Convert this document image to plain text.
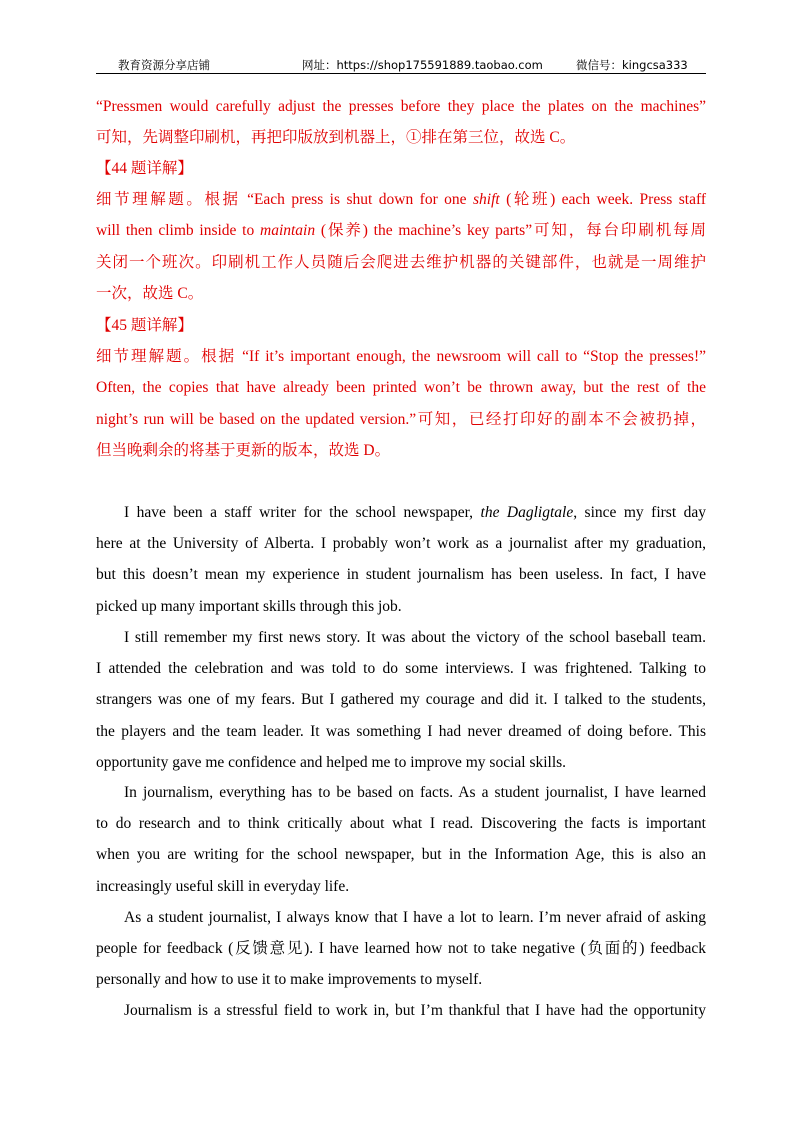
教育资源分享店铺	网址：https://shop175591889.taobao.com	微信号：kingcsa333
“Pressmen would carefully adjust the presses before they place the plates on the machines”
可知，先调整印刷机，再把印版放到机器上，①排在第三位，故选 C。
【44 题详解】
细节理解题。根据 “Each press is shut down for one shift (轮班) each week. Press staff
will then climb inside to maintain (保养) the machine’s key parts”可知，每台印刷机每周
关闭一个班次。印刷机工作人员随后会爬进去维护机器的关键部件，也就是一周维护
一次，故选 C。
【45 题详解】
细节理解题。根据 “If it’s important enough, the newsroom will call to “Stop the presses!”
Often, the copies that have already been printed won’t be thrown away, but the rest of the
night’s run will be based on the updated version.”可知，已经打印好的副本不会被扔掉，
但当晚剩余的将基于更新的版本，故选 D。
I have been a staff writer for the school newspaper, the Dagligtale, since my first day
here at the University of Alberta. I probably won’t work as a journalist after my graduation,
but this doesn’t mean my experience in student journalism has been useless. In fact, I have
picked up many important skills through this job.
I still remember my first news story. It was about the victory of the school baseball team.
I attended the celebration and was told to do some interviews. I was frightened. Talking to
strangers was one of my fears. But I gathered my courage and did it. I talked to the students,
the players and the team leader. It was something I had never dreamed of doing before. This
opportunity gave me confidence and helped me to improve my social skills.
In journalism, everything has to be based on facts. As a student journalist, I have learned
to do research and to think critically about what I read. Discovering the facts is important
when you are writing for the school newspaper, but in the Information Age, this is also an
increasingly useful skill in everyday life.
As a student journalist, I always know that I have a lot to learn. I’m never afraid of asking
people for feedback (反馈意见). I have learned how not to take negative (负面的) feedback
personally and how to use it to make improvements to myself.
Journalism is a stressful field to work in, but I’m thankful that I have had the opportunity
